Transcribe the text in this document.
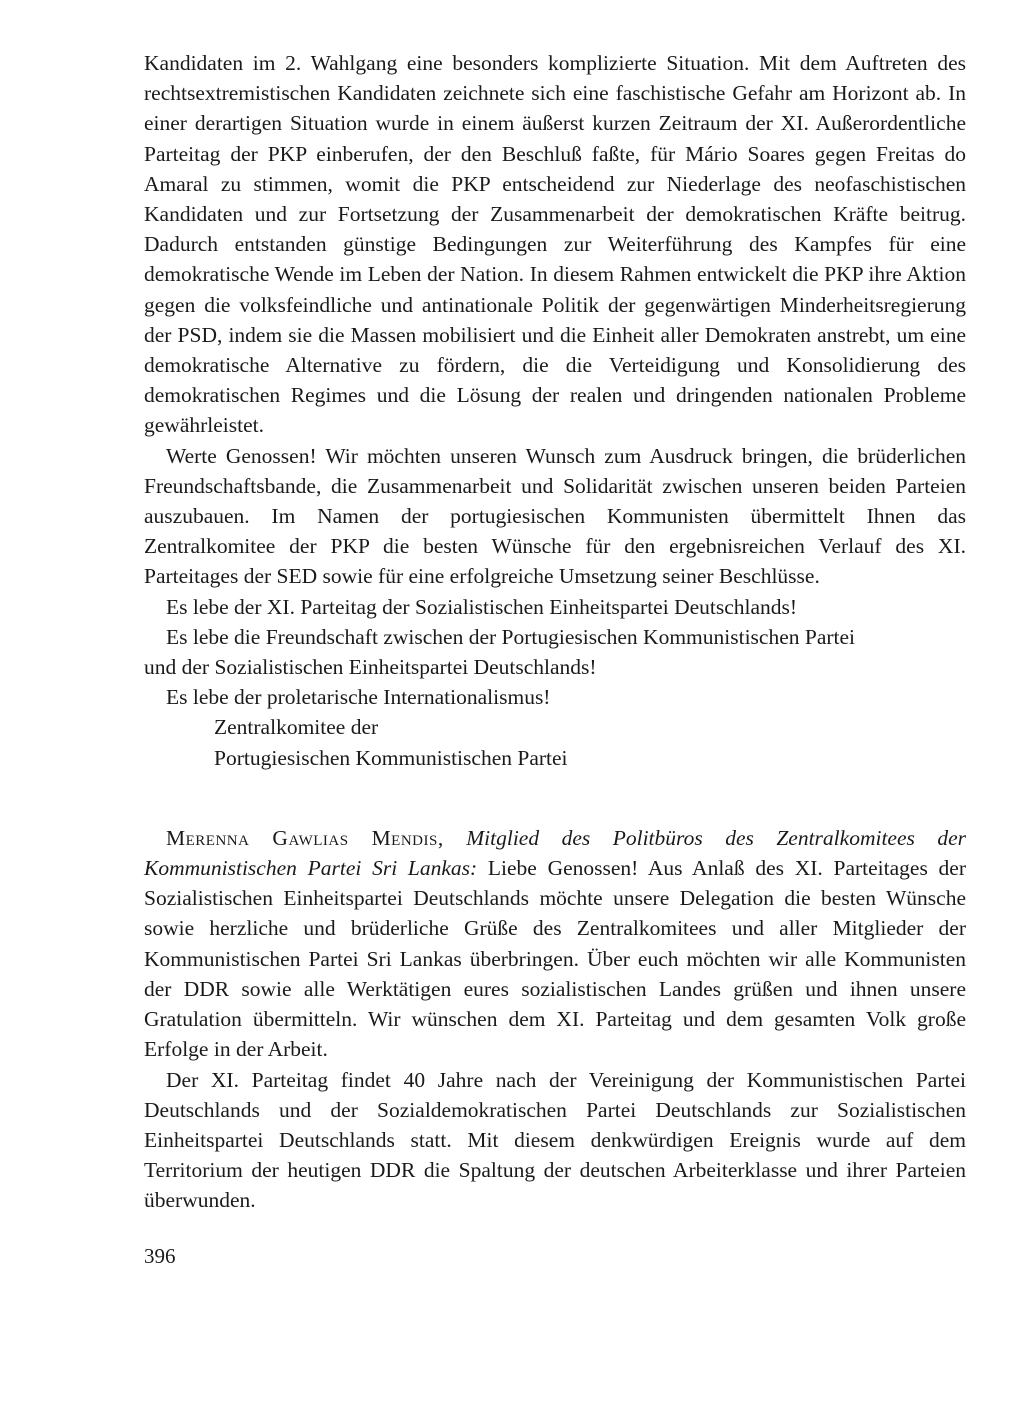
Kandidaten im 2. Wahlgang eine besonders komplizierte Situation. Mit dem Auftreten des rechtsextremistischen Kandidaten zeichnete sich eine faschistische Gefahr am Horizont ab. In einer derartigen Situation wurde in einem äußerst kurzen Zeitraum der XI. Außerordentliche Parteitag der PKP einberufen, der den Beschluß faßte, für Mário Soares gegen Freitas do Amaral zu stimmen, womit die PKP entscheidend zur Niederlage des neofaschistischen Kandidaten und zur Fortsetzung der Zusammenarbeit der demokratischen Kräfte beitrug. Dadurch entstanden günstige Bedingungen zur Weiterführung des Kampfes für eine demokratische Wende im Leben der Nation. In diesem Rahmen entwickelt die PKP ihre Aktion gegen die volksfeindliche und antinationale Politik der gegenwärtigen Minderheitsregierung der PSD, indem sie die Massen mobilisiert und die Einheit aller Demokraten anstrebt, um eine demokratische Alternative zu fördern, die die Verteidigung und Konsolidierung des demokratischen Regimes und die Lösung der realen und dringenden nationalen Probleme gewährleistet.

Werte Genossen! Wir möchten unseren Wunsch zum Ausdruck bringen, die brüderlichen Freundschaftsbande, die Zusammenarbeit und Solidarität zwischen unseren beiden Parteien auszubauen. Im Namen der portugiesischen Kommunisten übermittelt Ihnen das Zentralkomitee der PKP die besten Wünsche für den ergebnisreichen Verlauf des XI. Parteitages der SED sowie für eine erfolgreiche Umsetzung seiner Beschlüsse.

Es lebe der XI. Parteitag der Sozialistischen Einheitspartei Deutschlands!

Es lebe die Freundschaft zwischen der Portugiesischen Kommunistischen Partei

und der Sozialistischen Einheitspartei Deutschlands!

Es lebe der proletarische Internationalismus!

Zentralkomitee der

Portugiesischen Kommunistischen Partei

Merenna Gawlias Mendis, Mitglied des Politbüros des Zentralkomitees der Kommunistischen Partei Sri Lankas: Liebe Genossen! Aus Anlaß des XI. Parteitages der Sozialistischen Einheitspartei Deutschlands möchte unsere Delegation die besten Wünsche sowie herzliche und brüderliche Grüße des Zentralkomitees und aller Mitglieder der Kommunistischen Partei Sri Lankas überbringen. Über euch möchten wir alle Kommunisten der DDR sowie alle Werktätigen eures sozialistischen Landes grüßen und ihnen unsere Gratulation übermitteln. Wir wünschen dem XI. Parteitag und dem gesamten Volk große Erfolge in der Arbeit.

Der XI. Parteitag findet 40 Jahre nach der Vereinigung der Kommunistischen Partei Deutschlands und der Sozialdemokratischen Partei Deutschlands zur Sozialistischen Einheitspartei Deutschlands statt. Mit diesem denkwürdigen Ereignis wurde auf dem Territorium der heutigen DDR die Spaltung der deutschen Arbeiterklasse und ihrer Parteien überwunden.

396
